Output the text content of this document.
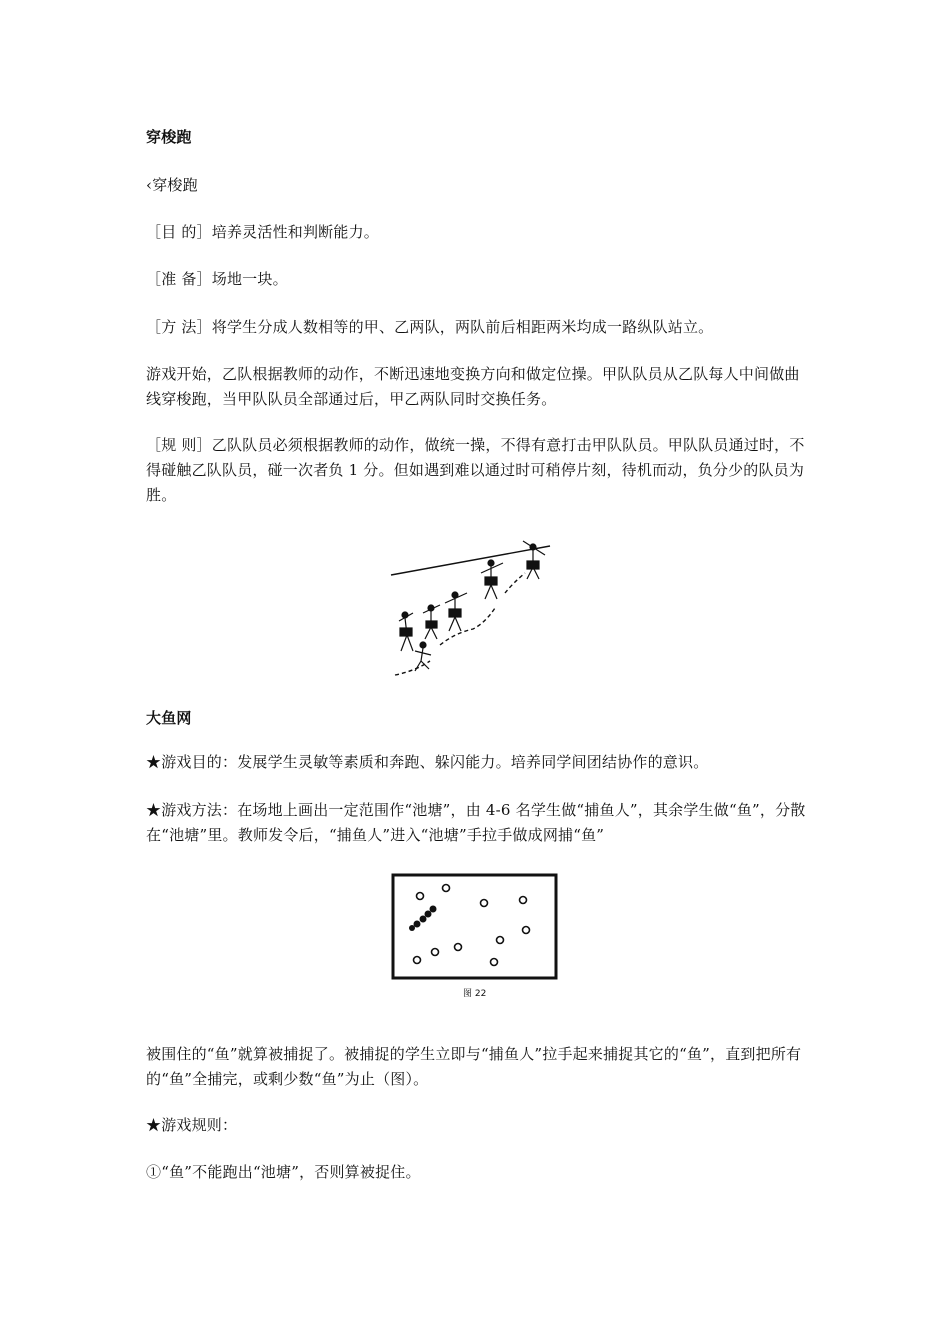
穿梭跑
‹穿梭跑
［目 的］培养灵活性和判断能力。
［准 备］场地一块。
［方 法］将学生分成人数相等的甲、乙两队，两队前后相距两米均成一路纵队站立。
游戏开始，乙队根据教师的动作，不断迅速地变换方向和做定位操。甲队队员从乙队每人中间做曲线穿梭跑，当甲队队员全部通过后，甲乙两队同时交换任务。
［规 则］乙队队员必须根据教师的动作，做统一操，不得有意打击甲队队员。甲队队员通过时，不得碰触乙队队员，碰一次者负 1 分。但如遇到难以通过时可稍停片刻，待机而动，负分少的队员为胜。
大鱼网
★游戏目的：发展学生灵敏等素质和奔跑、躲闪能力。培养同学间团结协作的意识。
★游戏方法：在场地上画出一定范围作“池塘”，由 4-6 名学生做“捕鱼人”，其余学生做“鱼”，分散在“池塘”里。教师发令后，“捕鱼人”进入“池塘”手拉手做成网捕“鱼”
图 22
被围住的“鱼”就算被捕捉了。被捕捉的学生立即与“捕鱼人”拉手起来捕捉其它的“鱼”，直到把所有的“鱼”全捕完，或剩少数“鱼”为止（图）。
★游戏规则：
①“鱼”不能跑出“池塘”，否则算被捉住。
